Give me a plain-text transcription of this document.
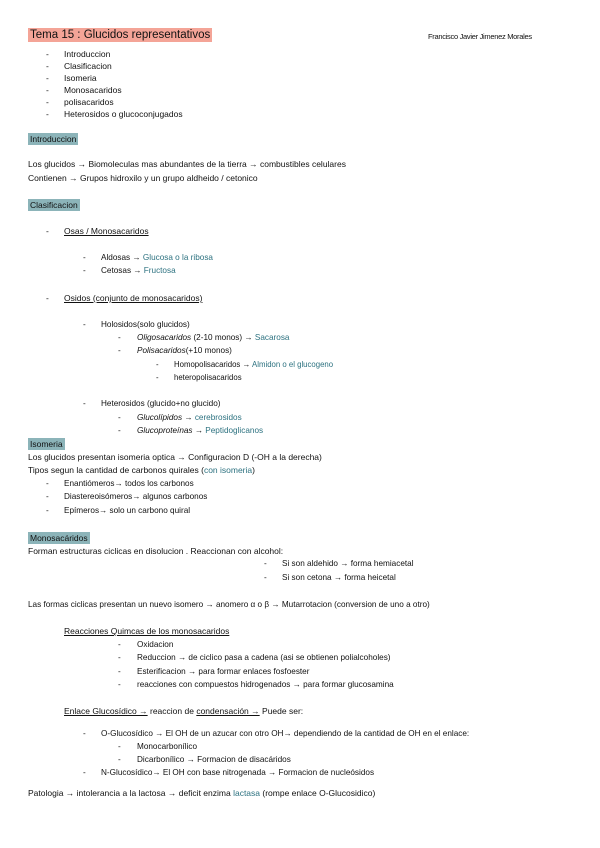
Tema 15 : Glucidos representativos	Francisco Javier Jimenez Morales
- Introduccion
- Clasificacion
- Isomeria
- Monosacaridos
- polisacaridos
- Heterosidos o glucoconjugados
Introduccion
Los glucidos → Biomoleculas mas abundantes de la tierra → combustibles celulares
Contienen → Grupos hidroxilo y un grupo aldheido / cetonico
Clasificacion
- Osas / Monosacaridos
- Aldosas → Glucosa o la ribosa
- Cetosas → Fructosa
- Osidos (conjunto de monosacaridos)
- Holosidos(solo glucidos)
- Oligosacaridos (2-10 monos) → Sacarosa
- Polisacaridos(+10 monos)
- Homopolisacaridos → Almidon o el glucogeno
- heteropolisacaridos
- Heterosidos (glucido+no glucido)
- Glucolípidos → cerebrosidos
- Glucoproteínas → Peptidoglicanos
Isomeria
Los glucidos presentan isomeria optica → Configuracion D (-OH a la derecha)
Tipos segun la cantidad de carbonos quirales (con isomeria)
- Enantiómeros→ todos los carbonos
- Diastereoisómeros→ algunos carbonos
- Epímeros→ solo un carbono quiral
Monosacáridos
Forman estructuras ciclicas en disolucion . Reaccionan con alcohol:
- Si son aldehido → forma hemiacetal
- Si son cetona → forma heicetal
Las formas ciclicas presentan un nuevo isomero → anomero α o β → Mutarrotacion (conversion de uno a otro)
Reacciones Quimcas de los monosacaridos
- Oxidacion
- Reduccion → de ciclico pasa a cadena (asi se obtienen polialcoholes)
- Esterificacion → para formar enlaces fosfoester
- reacciones con compuestos hidrogenados → para formar glucosamina
Enlace Glucosídico → reaccion de condensación → Puede ser:
- O-Glucosídico → El OH de un azucar con otro OH→ dependiendo de la cantidad de OH en el enlace:
- Monocarbonílico
- Dicarbonílico → Formacion de disacáridos
- N-Glucosídico→ El OH con base nitrogenada → Formacion de nucleósidos
Patologia → intolerancia a la lactosa → deficit enzima lactasa (rompe enlace O-Glucosidico)
